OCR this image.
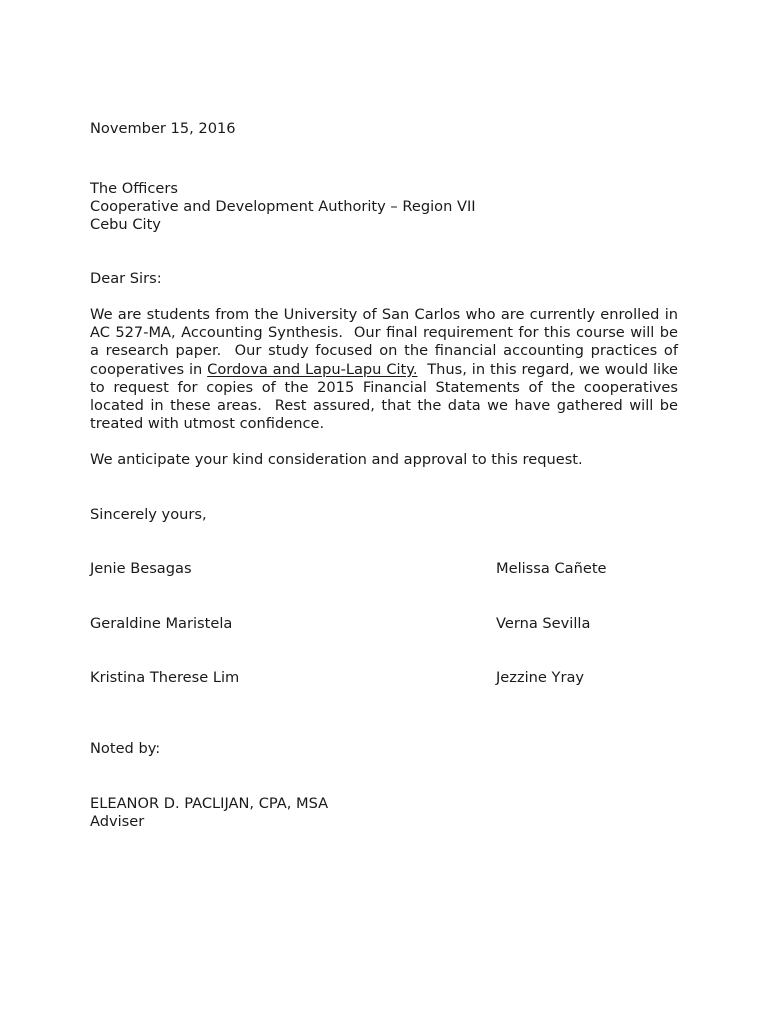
November 15, 2016

The Officers

Cooperative and Development Authority – Region VII

Cebu City

Dear Sirs:
We are students from the University of San Carlos who are currently enrolled in AC 527-MA, Accounting Synthesis.  Our final requirement for this course will be a research paper.  Our study focused on the financial accounting practices of cooperatives in Cordova and Lapu-Lapu City.  Thus, in this regard, we would like to request for copies of the 2015 Financial Statements of the cooperatives located in these areas.  Rest assured, that the data we have gathered will be treated with utmost confidence.
We anticipate your kind consideration and approval to this request.
Sincerely yours,
Jenie Besagas	Melissa Cañete
Geraldine Maristela	Verna Sevilla
Kristina Therese Lim	Jezzine Yray
Noted by:

ELEANOR D. PACLIJAN, CPA, MSA

Adviser
